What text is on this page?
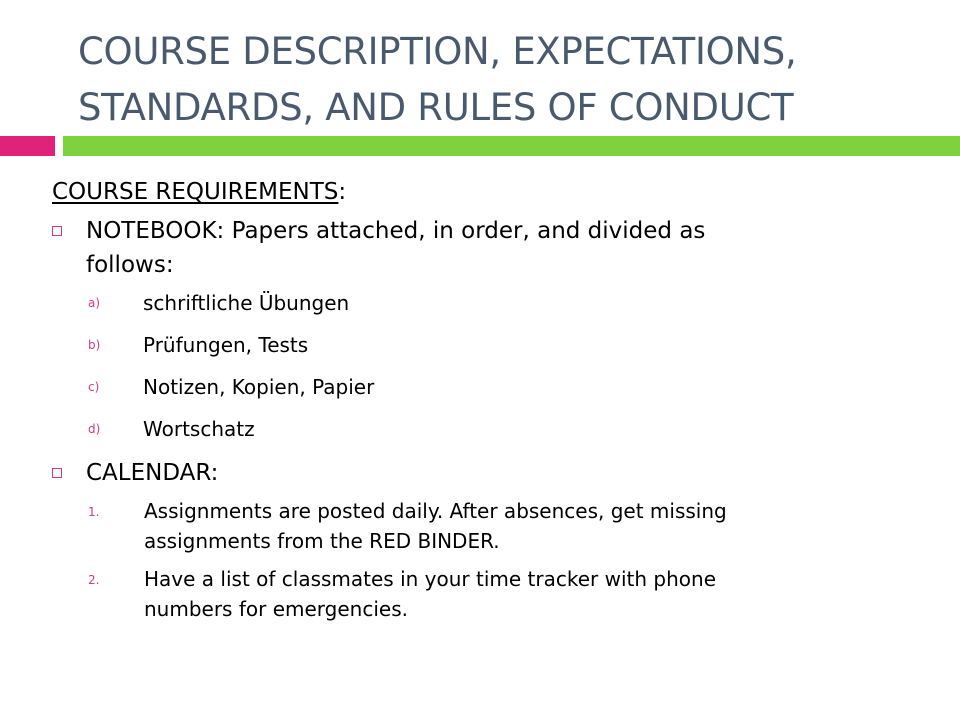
COURSE DESCRIPTION, EXPECTATIONS,
STANDARDS, AND RULES OF CONDUCT

COURSE REQUIREMENTS:

NOTEBOOK: Papers attached, in order, and divided as
follows:
a) schriftliche Übungen
b) Prüfungen, Tests
c) Notizen, Kopien, Papier
d) Wortschatz
CALENDAR:
1. Assignments are posted daily. After absences, get missing
assignments from the RED BINDER.
2. Have a list of classmates in your time tracker with phone
numbers for emergencies.
